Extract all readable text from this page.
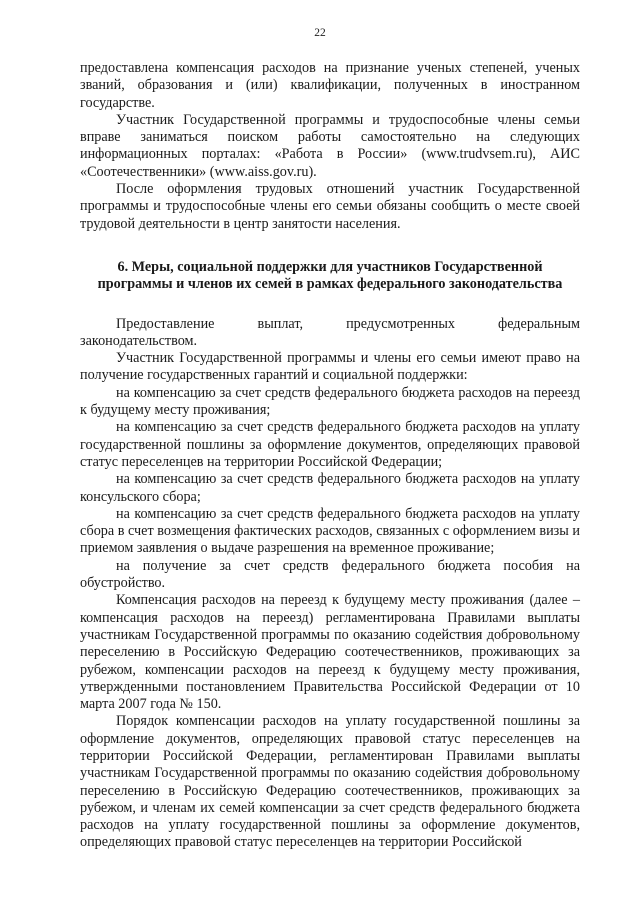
22

предоставлена компенсация расходов на признание ученых степеней, ученых званий, образования и (или) квалификации, полученных в иностранном государстве.

Участник Государственной программы и трудоспособные члены семьи вправе заниматься поиском работы самостоятельно на следующих информационных порталах: «Работа в России» (www.trudvsem.ru), АИС «Соотечественники» (www.aiss.gov.ru).

После оформления трудовых отношений участник Государственной программы и трудоспособные члены его семьи обязаны сообщить о месте своей трудовой деятельности в центр занятости населения.

6. Меры, социальной поддержки для участников Государственной программы и членов их семей в рамках федерального законодательства

Предоставление выплат, предусмотренных федеральным законодательством.

Участник Государственной программы и члены его семьи имеют право на получение государственных гарантий и социальной поддержки:

на компенсацию за счет средств федерального бюджета расходов на переезд к будущему месту проживания;

на компенсацию за счет средств федерального бюджета расходов на уплату государственной пошлины за оформление документов, определяющих правовой статус переселенцев на территории Российской Федерации;

на компенсацию за счет средств федерального бюджета расходов на уплату консульского сбора;

на компенсацию за счет средств федерального бюджета расходов на уплату сбора в счет возмещения фактических расходов, связанных с оформлением визы и приемом заявления о выдаче разрешения на временное проживание;

на получение за счет средств федерального бюджета пособия на обустройство.

Компенсация расходов на переезд к будущему месту проживания (далее – компенсация расходов на переезд) регламентирована Правилами выплаты участникам Государственной программы по оказанию содействия добровольному переселению в Российскую Федерацию соотечественников, проживающих за рубежом, компенсации расходов на переезд к будущему месту проживания, утвержденными постановлением Правительства Российской Федерации от 10 марта 2007 года № 150.

Порядок компенсации расходов на уплату государственной пошлины за оформление документов, определяющих правовой статус переселенцев на территории Российской Федерации, регламентирован Правилами выплаты участникам Государственной программы по оказанию содействия добровольному переселению в Российскую Федерацию соотечественников, проживающих за рубежом, и членам их семей компенсации за счет средств федерального бюджета расходов на уплату государственной пошлины за оформление документов, определяющих правовой статус переселенцев на территории Российской
